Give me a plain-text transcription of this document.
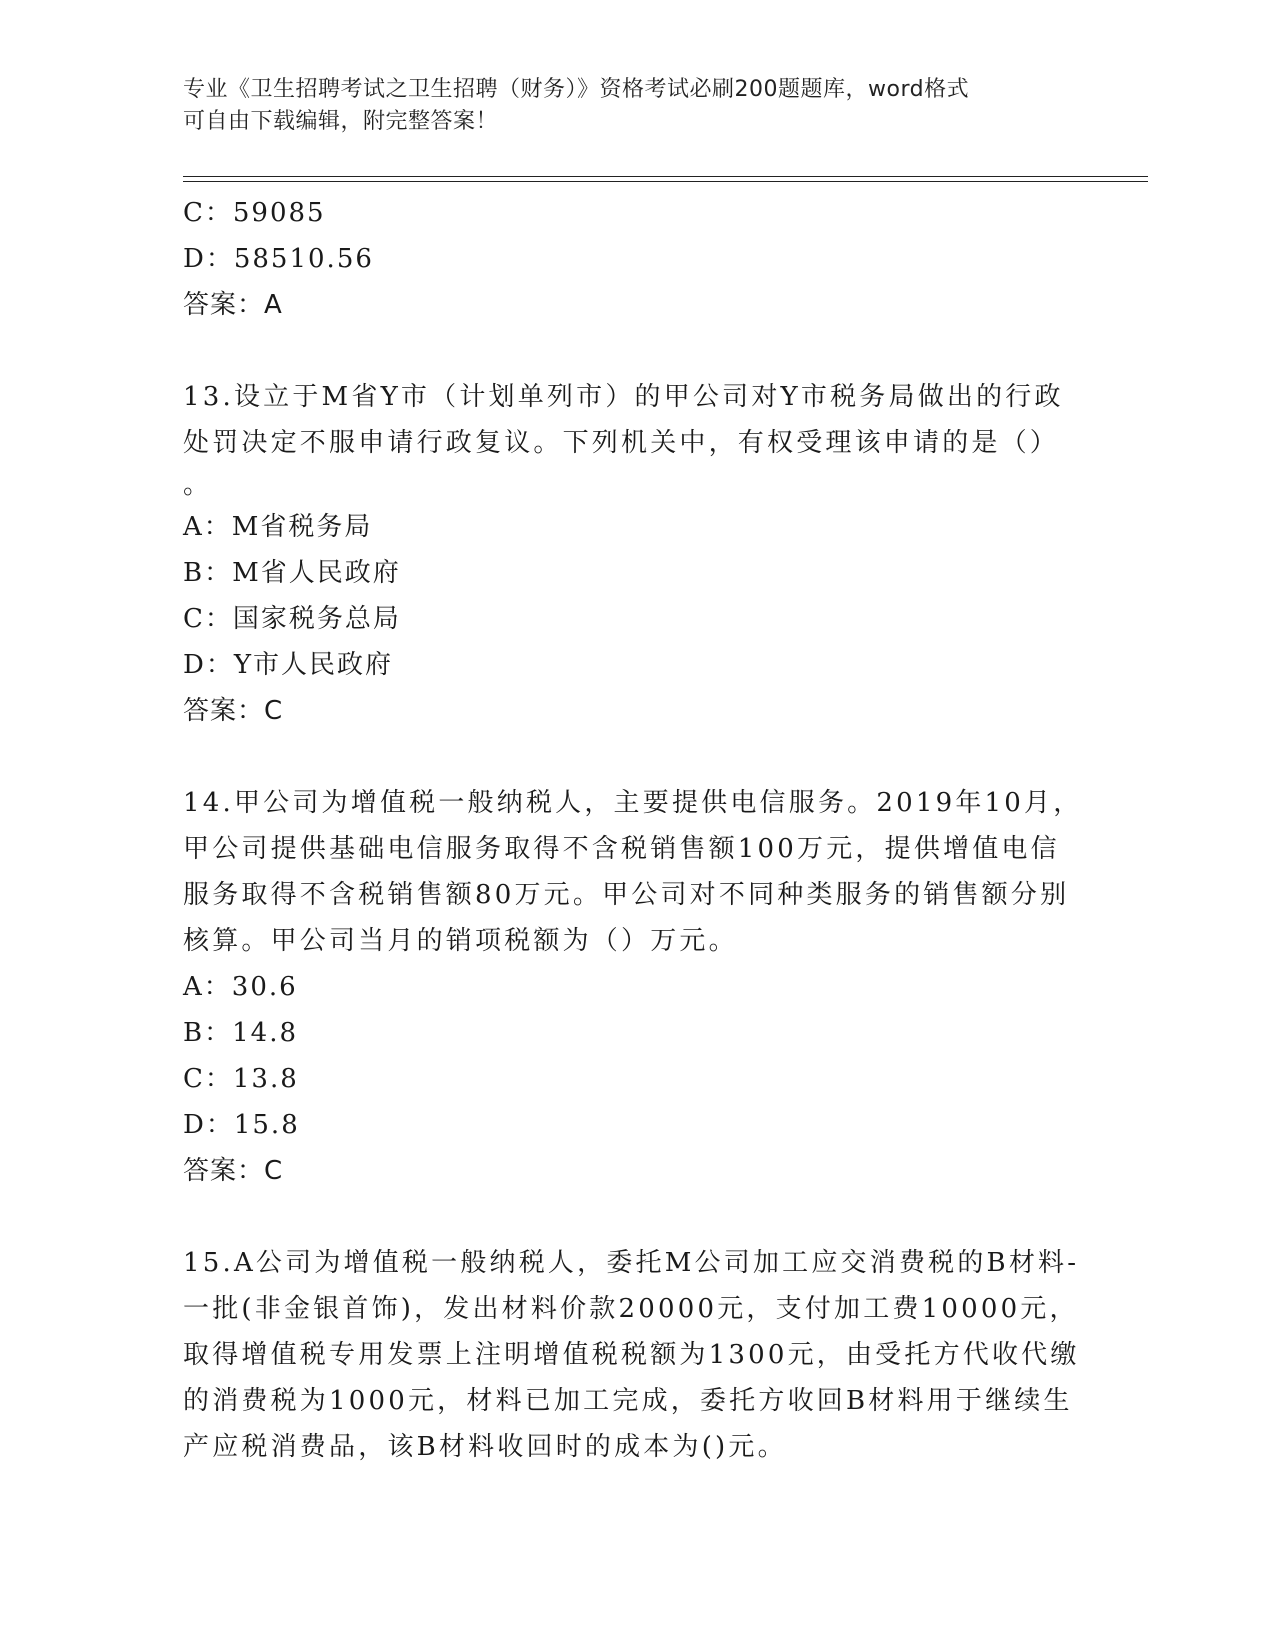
专业《卫生招聘考试之卫生招聘（财务）》资格考试必刷200题题库，word格式
可自由下载编辑，附完整答案！
C：59085
D：58510.56
答案：A
13.设立于M省Y市（计划单列市）的甲公司对Y市税务局做出的行政
处罚决定不服申请行政复议。下列机关中，有权受理该申请的是（）
。
A：M省税务局
B：M省人民政府
C：国家税务总局
D：Y市人民政府
答案：C
14.甲公司为增值税一般纳税人，主要提供电信服务。2019年10月，
甲公司提供基础电信服务取得不含税销售额100万元，提供增值电信
服务取得不含税销售额80万元。甲公司对不同种类服务的销售额分别
核算。甲公司当月的销项税额为（）万元。
A：30.6
B：14.8
C：13.8
D：15.8
答案：C
15.A公司为增值税一般纳税人，委托M公司加工应交消费税的B材料-
一批(非金银首饰)，发出材料价款20000元，支付加工费10000元，
取得增值税专用发票上注明增值税税额为1300元，由受托方代收代缴
的消费税为1000元，材料已加工完成，委托方收回B材料用于继续生
产应税消费品，该B材料收回时的成本为()元。
